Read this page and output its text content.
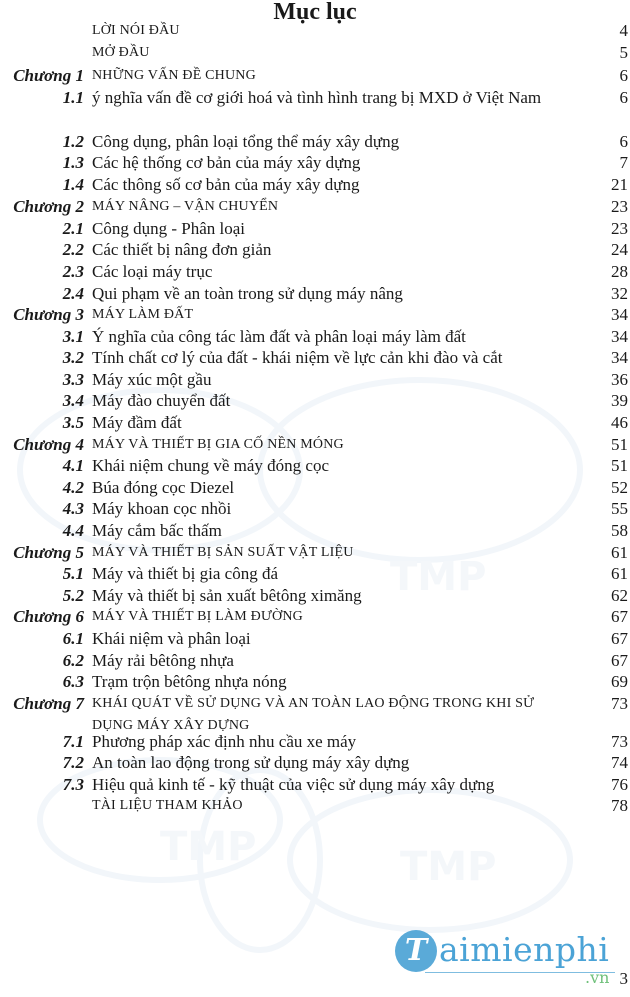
TMP
TMP	TMP
Mục lục
LỜI NÓI ĐẦU	4
MỞ ĐẦU	5
Chương 1 NHỮNG VẤN ĐỀ CHUNG	6
1.1 ý nghĩa vấn đề cơ giới hoá và tình hình trang bị MXD ở Việt Nam	6
1.2 Công dụng, phân loại tổng thể máy xây dựng	6
1.3 Các hệ thống cơ bản của máy xây dựng	7
1.4 Các thông số cơ bản của máy xây dựng	21
Chương 2 MÁY NÂNG – VẬN CHUYỂN	23
2.1 Công dụng - Phân loại	23
2.2 Các thiết bị nâng đơn giản	24
2.3 Các loại máy trục	28
2.4 Qui phạm về an toàn trong sử dụng máy nâng	32
Chương 3 MÁY LÀM ĐẤT	34
3.1 Ý nghĩa của công tác làm đất và phân loại máy làm đất	34
3.2 Tính chất cơ lý của đất - khái niệm về lực cản khi đào và cắt	34
3.3 Máy xúc một gầu	36
3.4 Máy đào chuyển đất	39
3.5 Máy đầm đất	46
Chương 4 MÁY VÀ THIẾT BỊ GIA CỐ NỀN MÓNG	51
4.1 Khái niệm chung về máy đóng cọc	51
4.2 Búa đóng cọc Diezel	52
4.3 Máy khoan cọc nhồi	55
4.4 Máy cắm bấc thấm	58
Chương 5 MÁY VÀ THIẾT BỊ SẢN SUẤT VẬT LIỆU	61
5.1 Máy và thiết bị gia công đá	61
5.2 Máy và thiết bị sản xuất bêtông ximăng	62
Chương 6 MÁY VÀ THIẾT BỊ LÀM ĐƯỜNG	67
6.1 Khái niệm và phân loại	67
6.2 Máy rải bêtông nhựa	67
6.3 Trạm trộn bêtông nhựa nóng	69
Chương 7 KHÁI QUÁT VỀ SỬ DỤNG VÀ AN TOÀN LAO ĐỘNG TRONG KHI SỬ DỤNG MÁY XÂY DỰNG
73
7.1 Phương pháp xác định nhu cầu xe máy	73
7.2 An toàn lao động trong sử dụng máy xây dựng	74
7.3 Hiệu quả kinh tế - kỹ thuật của việc sử dụng máy xây dựng	76
TÀI LIỆU THAM KHẢO	78
T aimienphi
.vn 3
